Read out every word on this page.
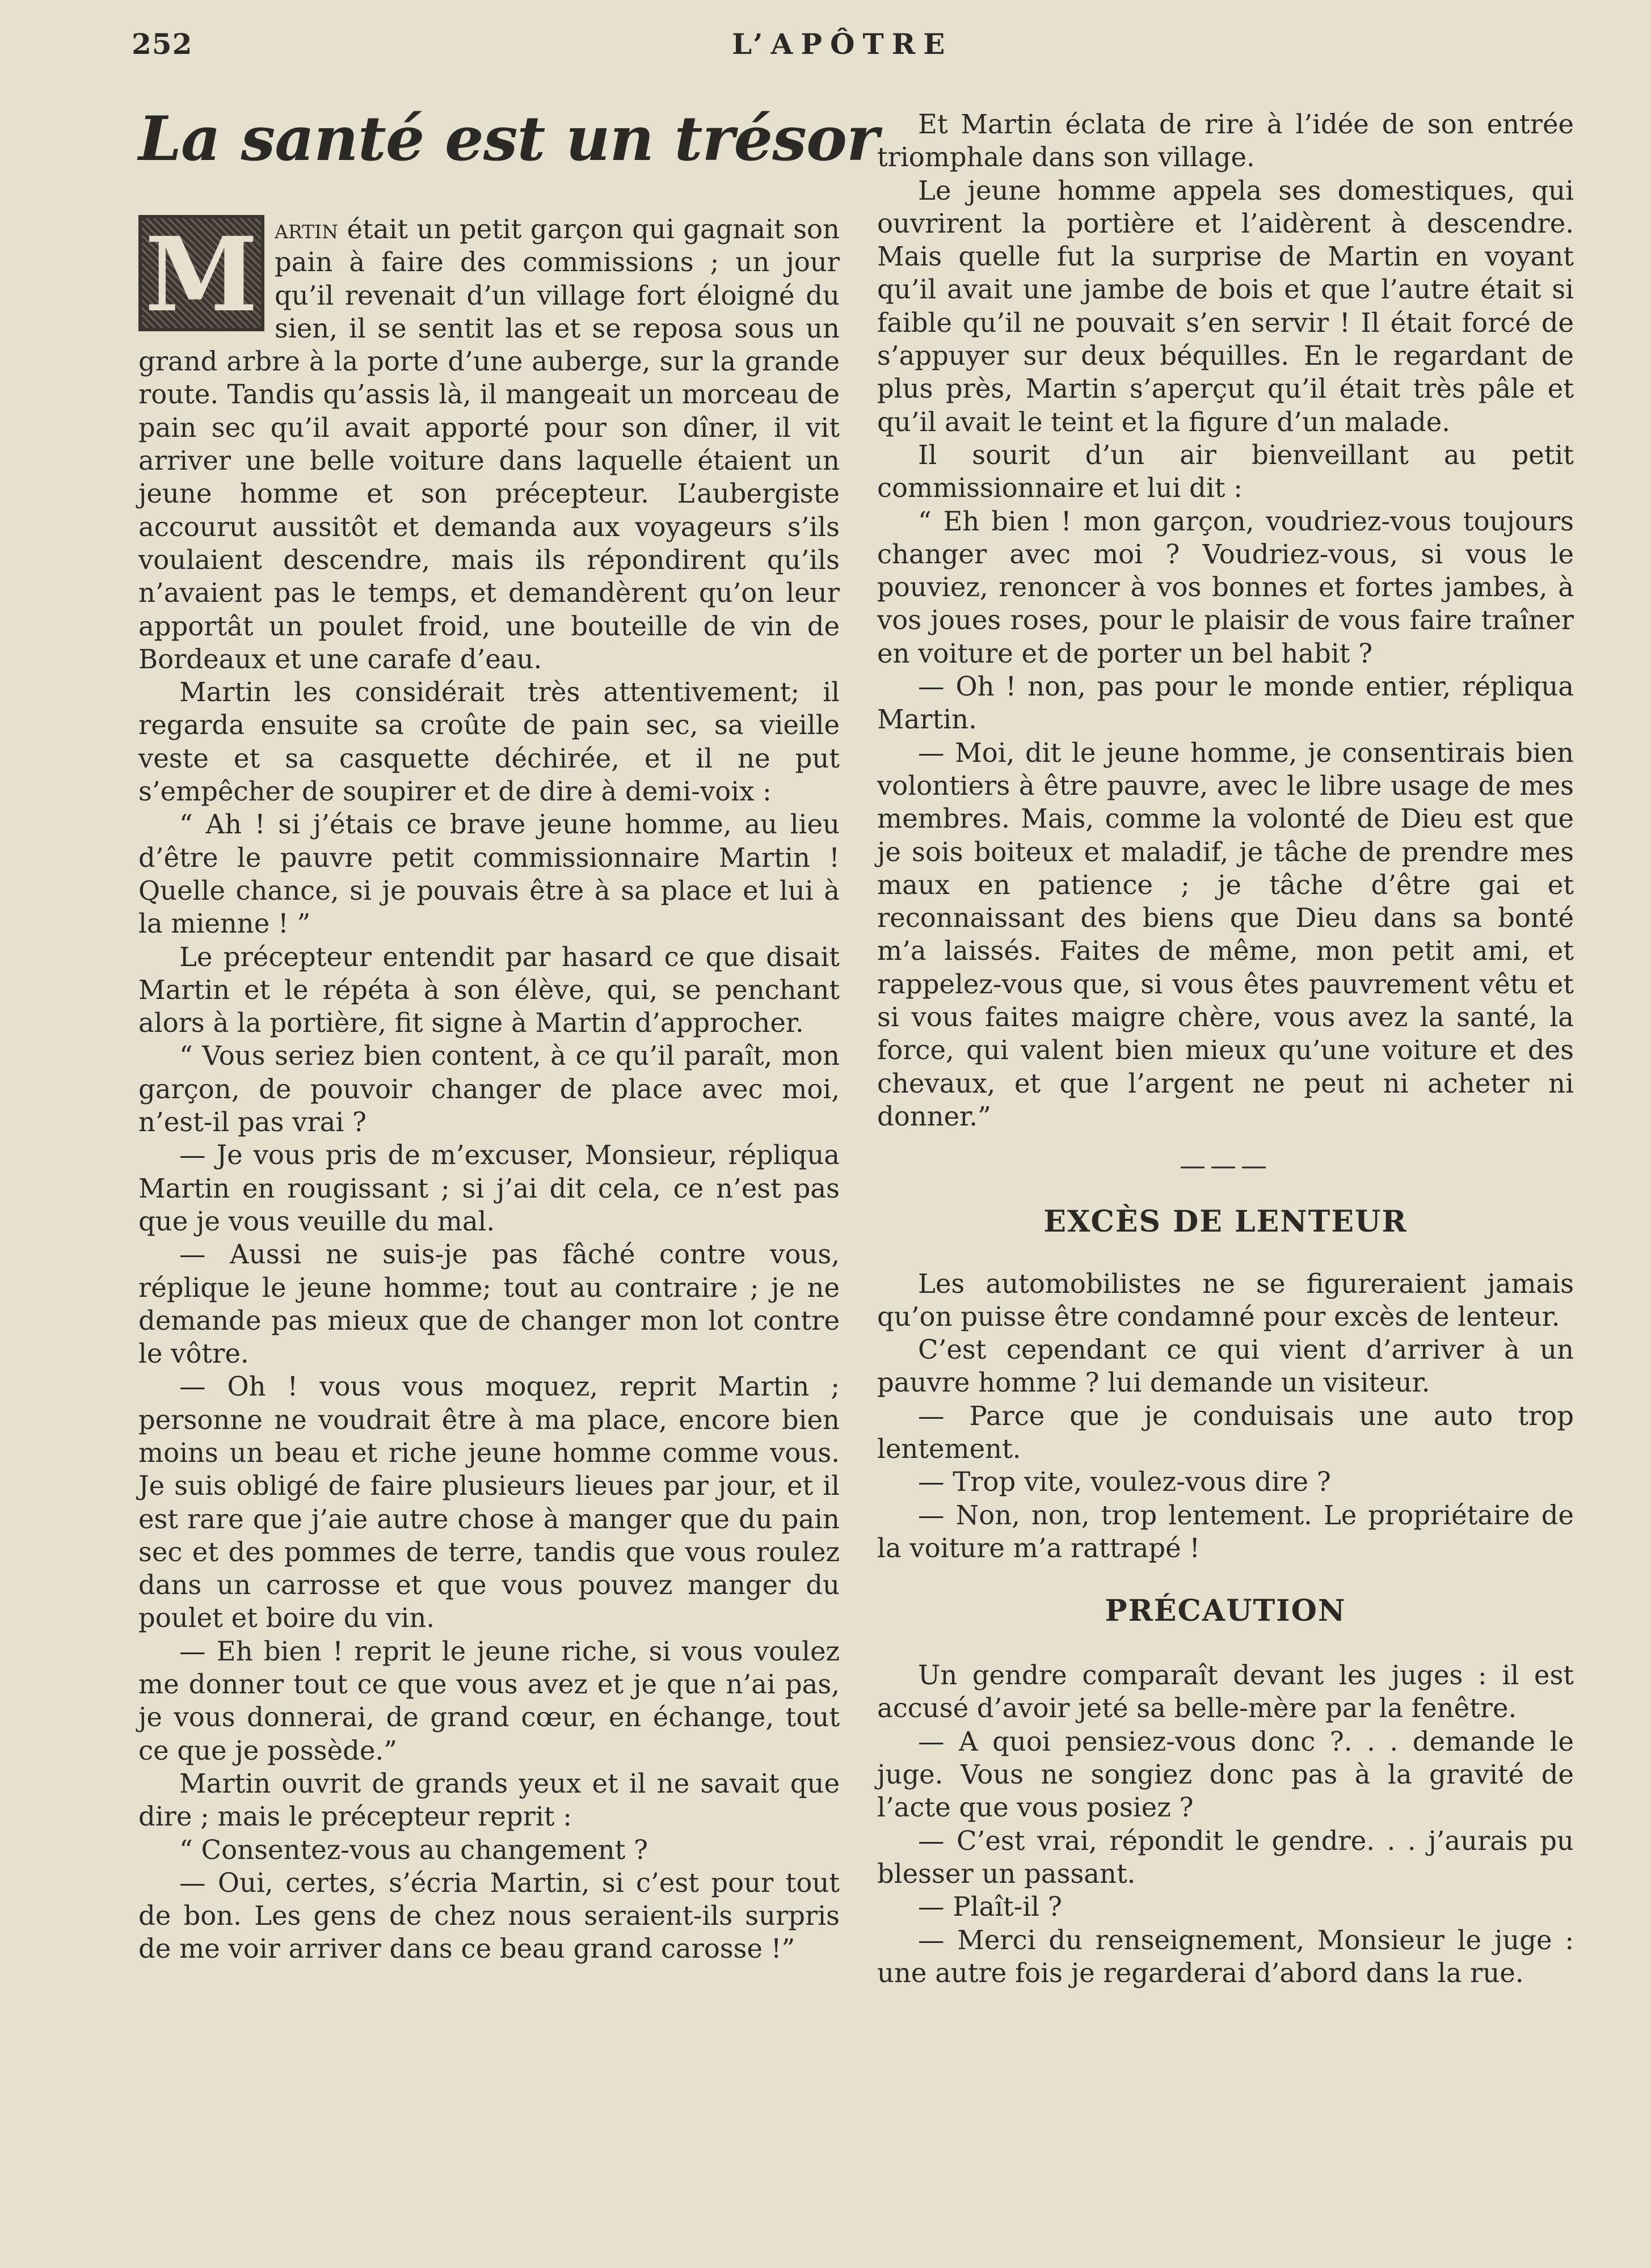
252	L’APÔTRE
La santé est un trésor

M artin était un petit garçon qui gagnait son pain à faire des commissions ; un jour qu’il revenait d’un village fort éloigné du sien, il se sentit las et se reposa sous un grand arbre à la porte d’une auberge, sur la grande route. Tandis qu’assis là, il mangeait un morceau de pain sec qu’il avait apporté pour son dîner, il vit arriver une belle voiture dans laquelle étaient un jeune homme et son précepteur. L’aubergiste accourut aussitôt et demanda aux voyageurs s’ils voulaient descendre, mais ils répondirent qu’ils n’avaient pas le temps, et demandèrent qu’on leur apportât un poulet froid, une bouteille de vin de Bordeaux et une carafe d’eau.

Martin les considérait très attentivement; il regarda ensuite sa croûte de pain sec, sa vieille veste et sa casquette déchirée, et il ne put s’empêcher de soupirer et de dire à demi-voix :

“ Ah ! si j’étais ce brave jeune homme, au lieu d’être le pauvre petit commissionnaire Martin ! Quelle chance, si je pouvais être à sa place et lui à la mienne ! ”

Le précepteur entendit par hasard ce que disait Martin et le répéta à son élève, qui, se penchant alors à la portière, fit signe à Martin d’approcher.

“ Vous seriez bien content, à ce qu’il paraît, mon garçon, de pouvoir changer de place avec moi, n’est-il pas vrai ?

— Je vous pris de m’excuser, Monsieur, répliqua Martin en rougissant ; si j’ai dit cela, ce n’est pas que je vous veuille du mal.

— Aussi ne suis-je pas fâché contre vous, réplique le jeune homme; tout au contraire ; je ne demande pas mieux que de changer mon lot contre le vôtre.

— Oh ! vous vous moquez, reprit Martin ; personne ne voudrait être à ma place, encore bien moins un beau et riche jeune homme comme vous. Je suis obligé de faire plusieurs lieues par jour, et il est rare que j’aie autre chose à manger que du pain sec et des pommes de terre, tandis que vous roulez dans un carrosse et que vous pouvez manger du poulet et boire du vin.

— Eh bien ! reprit le jeune riche, si vous voulez me donner tout ce que vous avez et je que n’ai pas, je vous donnerai, de grand cœur, en échange, tout ce que je possède.”

Martin ouvrit de grands yeux et il ne savait que dire ; mais le précepteur reprit :

“ Consentez-vous au changement ?

— Oui, certes, s’écria Martin, si c’est pour tout de bon. Les gens de chez nous seraient-ils surpris de me voir arriver dans ce beau grand carosse !”

Et Martin éclata de rire à l’idée de son entrée triomphale dans son village.

Le jeune homme appela ses domestiques, qui ouvrirent la portière et l’aidèrent à descendre. Mais quelle fut la surprise de Martin en voyant qu’il avait une jambe de bois et que l’autre était si faible qu’il ne pouvait s’en servir ! Il était forcé de s’appuyer sur deux béquilles. En le regardant de plus près, Martin s’aperçut qu’il était très pâle et qu’il avait le teint et la figure d’un malade.

Il sourit d’un air bienveillant au petit commissionnaire et lui dit :

“ Eh bien ! mon garçon, voudriez-vous toujours changer avec moi ? Voudriez-vous, si vous le pouviez, renoncer à vos bonnes et fortes jambes, à vos joues roses, pour le plaisir de vous faire traîner en voiture et de porter un bel habit ?

— Oh ! non, pas pour le monde entier, répliqua Martin.

— Moi, dit le jeune homme, je consentirais bien volontiers à être pauvre, avec le libre usage de mes membres. Mais, comme la volonté de Dieu est que je sois boiteux et maladif, je tâche de prendre mes maux en patience ; je tâche d’être gai et reconnaissant des biens que Dieu dans sa bonté m’a laissés. Faites de même, mon petit ami, et rappelez-vous que, si vous êtes pauvrement vêtu et si vous faites maigre chère, vous avez la santé, la force, qui valent bien mieux qu’une voiture et des chevaux, et que l’argent ne peut ni acheter ni donner.”

———
EXCÈS DE LENTEUR

Les automobilistes ne se figureraient jamais qu’on puisse être condamné pour excès de lenteur.

C’est cependant ce qui vient d’arriver à un pauvre homme ? lui demande un visiteur.

— Parce que je conduisais une auto trop lentement.

— Trop vite, voulez-vous dire ?

— Non, non, trop lentement. Le propriétaire de la voiture m’a rattrapé !

PRÉCAUTION

Un gendre comparaît devant les juges : il est accusé d’avoir jeté sa belle-mère par la fenêtre.

— A quoi pensiez-vous donc ?. . . demande le juge. Vous ne songiez donc pas à la gravité de l’acte que vous posiez ?

— C’est vrai, répondit le gendre. . . j’aurais pu blesser un passant.

— Plaît-il ?

— Merci du renseignement, Monsieur le juge : une autre fois je regarderai d’abord dans la rue.
